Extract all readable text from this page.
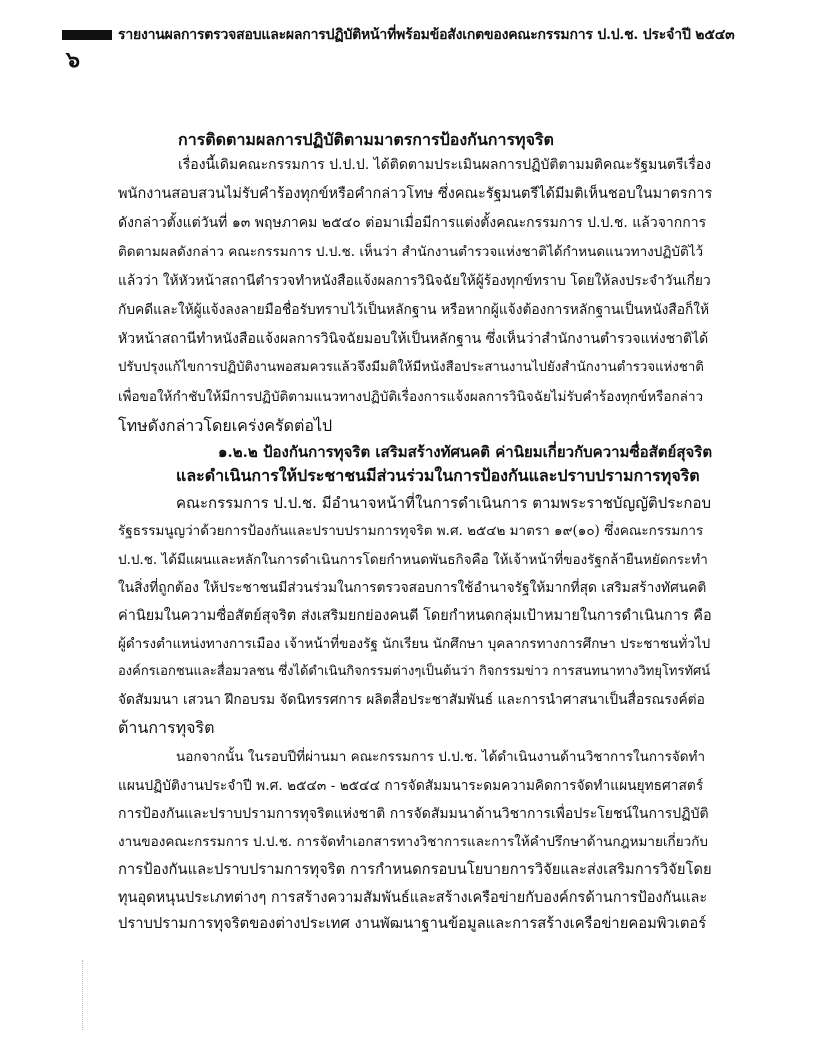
รายงานผลการตรวจสอบและผลการปฏิบัติหน้าที่พร้อมข้อสังเกตของคณะกรรมการ ป.ป.ช. ประจำปี ๒๕๔๓
๖
การติดตามผลการปฏิบัติตามมาตรการป้องกันการทุจริต
เรื่องนี้เดิมคณะกรรมการ ป.ป.ป. ได้ติดตามประเมินผลการปฏิบัติตามมติคณะรัฐมนตรีเรื่อง
พนักงานสอบสวนไม่รับคำร้องทุกข์หรือคำกล่าวโทษ ซึ่งคณะรัฐมนตรีได้มีมติเห็นชอบในมาตรการ
ดังกล่าวตั้งแต่วันที่ ๑๓ พฤษภาคม ๒๕๔๐ ต่อมาเมื่อมีการแต่งตั้งคณะกรรมการ ป.ป.ช. แล้วจากการ
ติดตามผลดังกล่าว คณะกรรมการ ป.ป.ช. เห็นว่า สำนักงานตำรวจแห่งชาติได้กำหนดแนวทางปฏิบัติไว้
แล้วว่า ให้หัวหน้าสถานีตำรวจทำหนังสือแจ้งผลการวินิจฉัยให้ผู้ร้องทุกข์ทราบ โดยให้ลงประจำวันเกี่ยว
กับคดีและให้ผู้แจ้งลงลายมือชื่อรับทราบไว้เป็นหลักฐาน หรือหากผู้แจ้งต้องการหลักฐานเป็นหนังสือก็ให้
หัวหน้าสถานีทำหนังสือแจ้งผลการวินิจฉัยมอบให้เป็นหลักฐาน ซึ่งเห็นว่าสำนักงานตำรวจแห่งชาติได้
ปรับปรุงแก้ไขการปฏิบัติงานพอสมควรแล้วจึงมีมติให้มีหนังสือประสานงานไปยังสำนักงานตำรวจแห่งชาติ
เพื่อขอให้กำชับให้มีการปฏิบัติตามแนวทางปฏิบัติเรื่องการแจ้งผลการวินิจฉัยไม่รับคำร้องทุกข์หรือกล่าว
โทษดังกล่าวโดยเคร่งครัดต่อไป
๑.๒.๒ ป้องกันการทุจริต เสริมสร้างทัศนคติ ค่านิยมเกี่ยวกับความซื่อสัตย์สุจริต
และดำเนินการให้ประชาชนมีส่วนร่วมในการป้องกันและปราบปรามการทุจริต
คณะกรรมการ ป.ป.ช. มีอำนาจหน้าที่ในการดำเนินการ ตามพระราชบัญญัติประกอบ
รัฐธรรมนูญว่าด้วยการป้องกันและปราบปรามการทุจริต พ.ศ. ๒๕๔๒ มาตรา ๑๙(๑๐) ซึ่งคณะกรรมการ
ป.ป.ช. ได้มีแผนและหลักในการดำเนินการโดยกำหนดพันธกิจคือ ให้เจ้าหน้าที่ของรัฐกล้ายืนหยัดกระทำ
ในสิ่งที่ถูกต้อง ให้ประชาชนมีส่วนร่วมในการตรวจสอบการใช้อำนาจรัฐให้มากที่สุด เสริมสร้างทัศนคติ
ค่านิยมในความซื่อสัตย์สุจริต ส่งเสริมยกย่องคนดี โดยกำหนดกลุ่มเป้าหมายในการดำเนินการ คือ
ผู้ดำรงตำแหน่งทางการเมือง เจ้าหน้าที่ของรัฐ นักเรียน นักศึกษา บุคลากรทางการศึกษา ประชาชนทั่วไป
องค์กรเอกชนและสื่อมวลชน ซึ่งได้ดำเนินกิจกรรมต่างๆเป็นต้นว่า กิจกรรมข่าว การสนทนาทางวิทยุโทรทัศน์
จัดสัมมนา เสวนา ฝึกอบรม จัดนิทรรศการ ผลิตสื่อประชาสัมพันธ์ และการนำศาสนาเป็นสื่อรณรงค์ต่อ
ต้านการทุจริต
นอกจากนั้น ในรอบปีที่ผ่านมา คณะกรรมการ ป.ป.ช. ได้ดำเนินงานด้านวิชาการในการจัดทำ
แผนปฏิบัติงานประจำปี พ.ศ. ๒๕๔๓ - ๒๕๔๔ การจัดสัมมนาระดมความคิดการจัดทำแผนยุทธศาสตร์
การป้องกันและปราบปรามการทุจริตแห่งชาติ การจัดสัมมนาด้านวิชาการเพื่อประโยชน์ในการปฏิบัติ
งานของคณะกรรมการ ป.ป.ช. การจัดทำเอกสารทางวิชาการและการให้คำปรึกษาด้านกฎหมายเกี่ยวกับ
การป้องกันและปราบปรามการทุจริต การกำหนดกรอบนโยบายการวิจัยและส่งเสริมการวิจัยโดย
ทุนอุดหนุนประเภทต่างๆ การสร้างความสัมพันธ์และสร้างเครือข่ายกับองค์กรด้านการป้องกันและ
ปราบปรามการทุจริตของต่างประเทศ งานพัฒนาฐานข้อมูลและการสร้างเครือข่ายคอมพิวเตอร์
